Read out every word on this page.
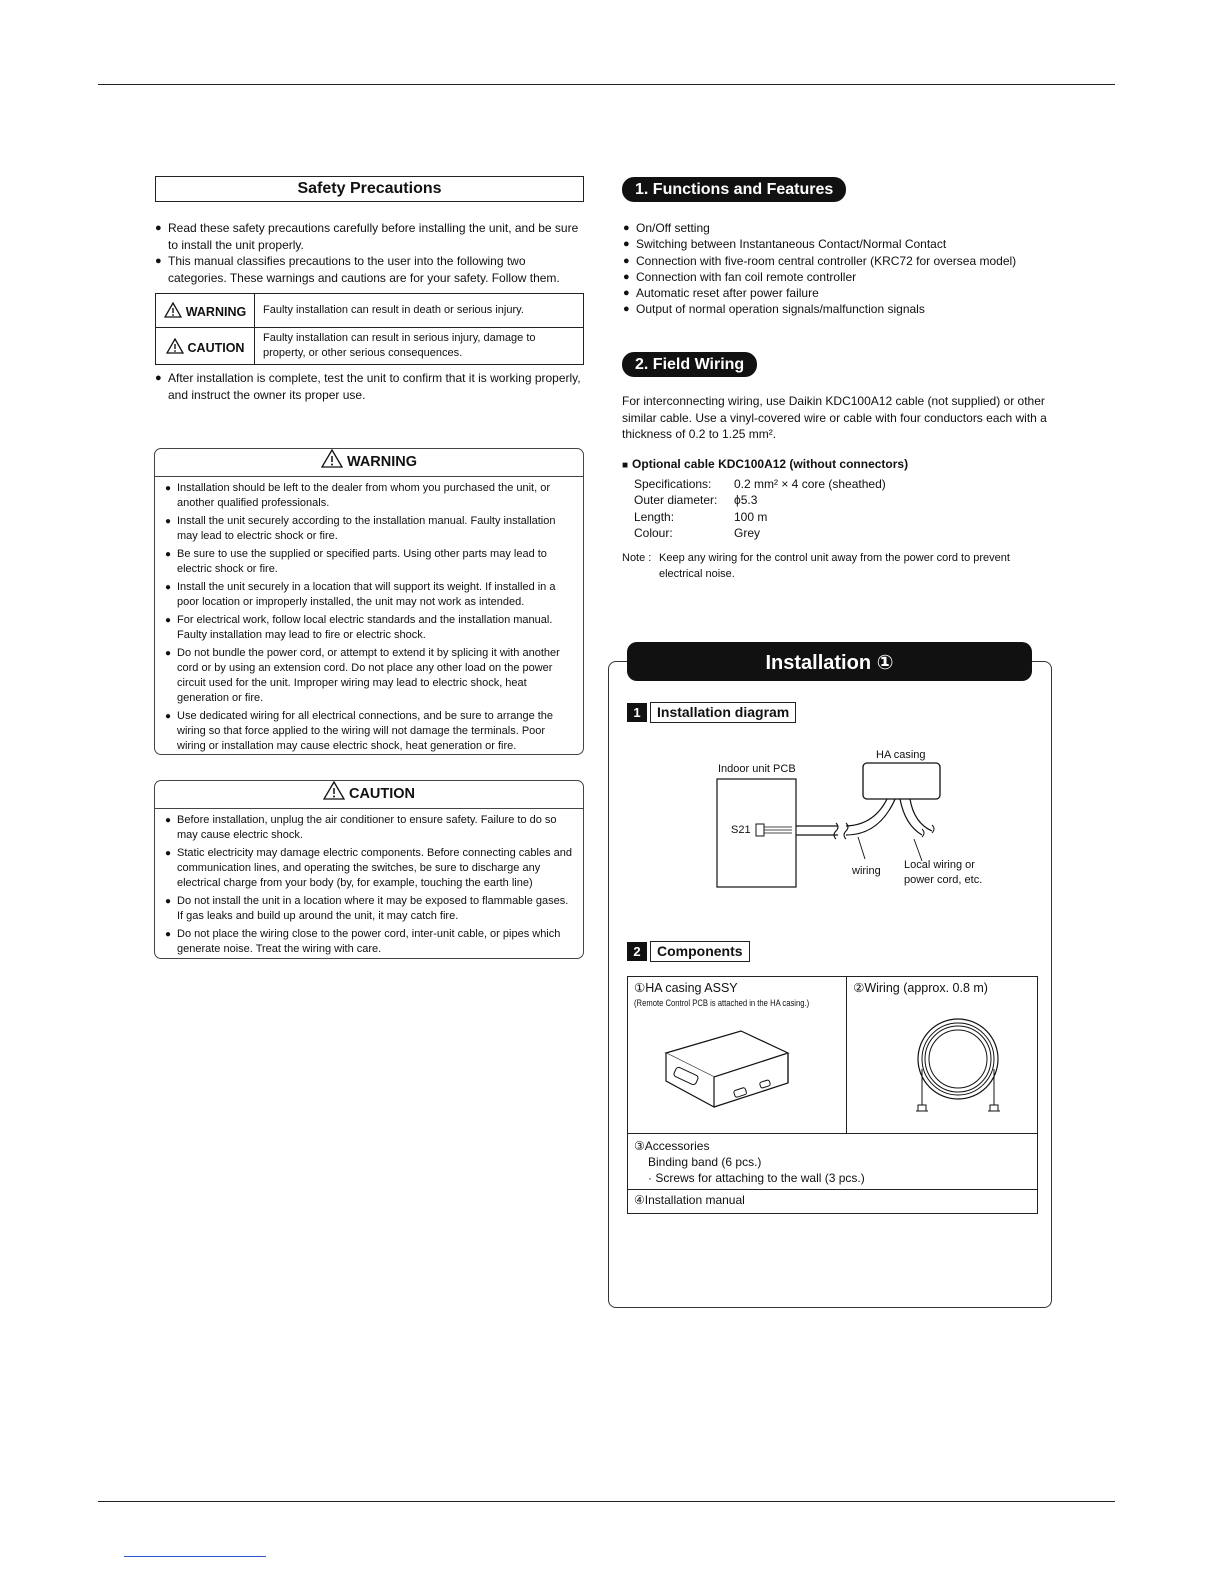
Safety Precautions
● Read these safety precautions carefully before installing the unit, and be sure to install the unit properly.
● This manual classifies precautions to the user into the following two categories. These warnings and cautions are for your safety. Follow them.
WARNING	Faulty installation can result in death or serious injury.
CAUTION	Faulty installation can result in serious injury, damage to property, or other serious consequences.
● After installation is complete, test the unit to confirm that it is working properly, and instruct the owner its proper use.
WARNING
● Installation should be left to the dealer from whom you purchased the unit, or another qualified professionals.
● Install the unit securely according to the installation manual. Faulty installation may lead to electric shock or fire.
● Be sure to use the supplied or specified parts. Using other parts may lead to electric shock or fire.
● Install the unit securely in a location that will support its weight. If installed in a poor location or improperly installed, the unit may not work as intended.
● For electrical work, follow local electric standards and the installation manual. Faulty installation may lead to fire or electric shock.
● Do not bundle the power cord, or attempt to extend it by splicing it with another cord or by using an extension cord. Do not place any other load on the power circuit used for the unit. Improper wiring may lead to electric shock, heat generation or fire.
● Use dedicated wiring for all electrical connections, and be sure to arrange the wiring so that force applied to the wiring will not damage the terminals. Poor wiring or installation may cause electric shock, heat generation or fire.
CAUTION
● Before installation, unplug the air conditioner to ensure safety. Failure to do so may cause electric shock.
● Static electricity may damage electric components. Before connecting cables and communication lines, and operating the switches, be sure to discharge any electrical charge from your body (by, for example, touching the earth line)
● Do not install the unit in a location where it may be exposed to flammable gases. If gas leaks and build up around the unit, it may catch fire.
● Do not place the wiring close to the power cord, inter-unit cable, or pipes which generate noise. Treat the wiring with care.
1. Functions and Features
● On/Off setting
● Switching between Instantaneous Contact/Normal Contact
● Connection with five-room central controller (KRC72 for oversea model)
● Connection with fan coil remote controller
● Automatic reset after power failure
● Output of normal operation signals/malfunction signals
2. Field Wiring
For interconnecting wiring, use Daikin KDC100A12 cable (not supplied) or other similar cable. Use a vinyl-covered wire or cable with four conductors each with a thickness of 0.2 to 1.25 mm².
■ Optional cable KDC100A12 (without connectors)
Specifications:	0.2 mm² × 4 core (sheathed)
Outer diameter:	ϕ5.3
Length:	100 m
Colour:	Grey
Note : Keep any wiring for the control unit away from the power cord to prevent electrical noise.
Installation ①
1	Installation diagram
HA casing
Indoor unit PCB
S21
wiring Local wiring or
power cord, etc.
2	Components
①HA casing ASSY
(Remote Control PCB is attached in the HA casing.)

②Wiring (approx. 0.8 m)

③Accessories
Binding band (6 pcs.)
· Screws for attaching to the wall (3 pcs.)

④Installation manual
